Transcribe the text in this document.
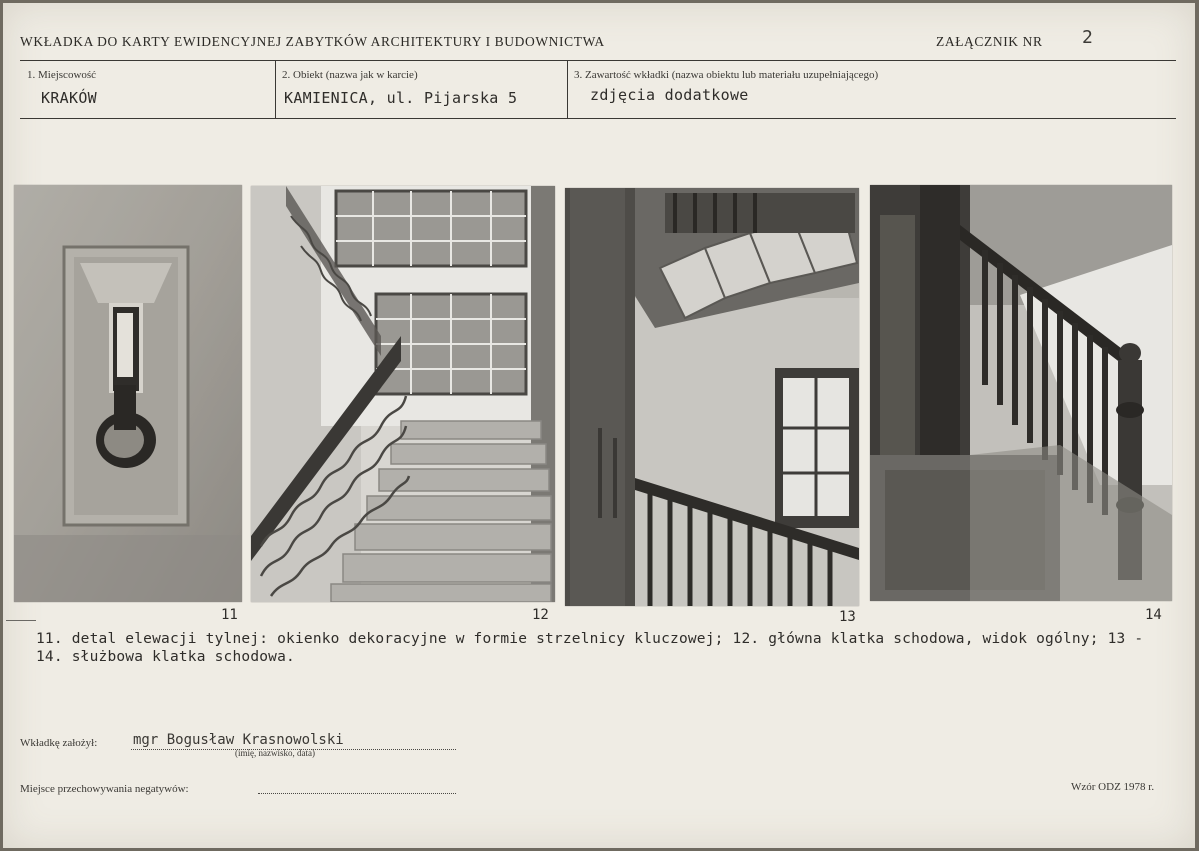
WKŁADKA DO KARTY EWIDENCYJNEJ ZABYTKÓW ARCHITEKTURY I BUDOWNICTWA	ZAŁĄCZNIK NR 2
1. Miejscowość
KRAKÓW
2. Obiekt (nazwa jak w karcie)
KAMIENICA, ul. Pijarska 5
3. Zawartość wkładki (nazwa obiektu lub materiału uzupełniającego)
zdjęcia dodatkowe
11	12	13	14
11. detal elewacji tylnej: okienko dekoracyjne w formie strzelnicy kluczowej; 12. główna klatka schodowa, widok ogólny; 13 - 14. służbowa klatka schodowa.
Wkładkę założył:	mgr Bogusław Krasnowolski
(imię, nazwisko, data)
Miejsce przechowywania negatywów:	Wzór ODZ 1978 r.
